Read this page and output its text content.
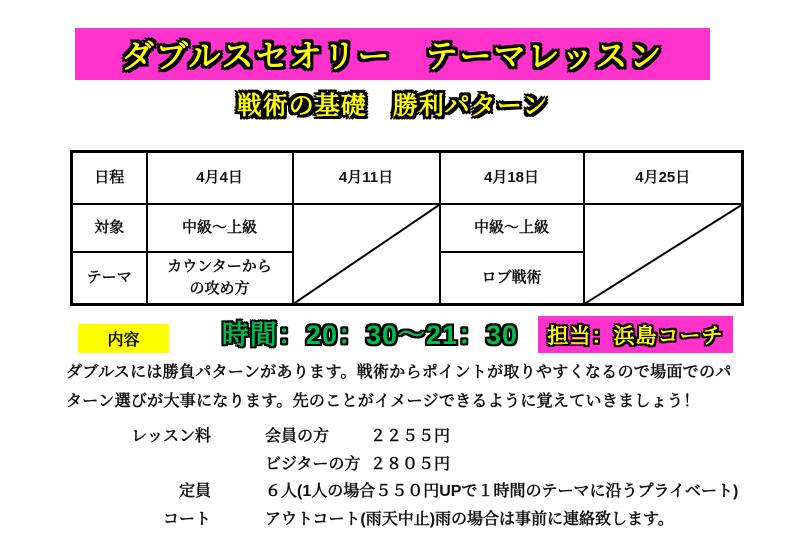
ダブルスセオリー　テーマレッスン
戦術の基礎　勝利パターン
日程	4月4日	4月11日	4月18日	4月25日
対象	中級～上級		中級～上級	

テーマ	カウンターからの攻め方		ロブ戦術	
時間：20：30～21：30 担当：浜島コーチ
内容
ダブルスには勝負パターンがあります。戦術からポイントが取りやすくなるので場面でのパ
ターン選びが大事になります。先のことがイメージできるように覚えていきましょう！
レッスン料	会員の方	２２５５円
ビジターの方 ２８０５円
定員	６人(1人の場合５５０円UPで１時間のテーマに沿うプライベート)
コート	アウトコート(雨天中止)雨の場合は事前に連絡致します。
